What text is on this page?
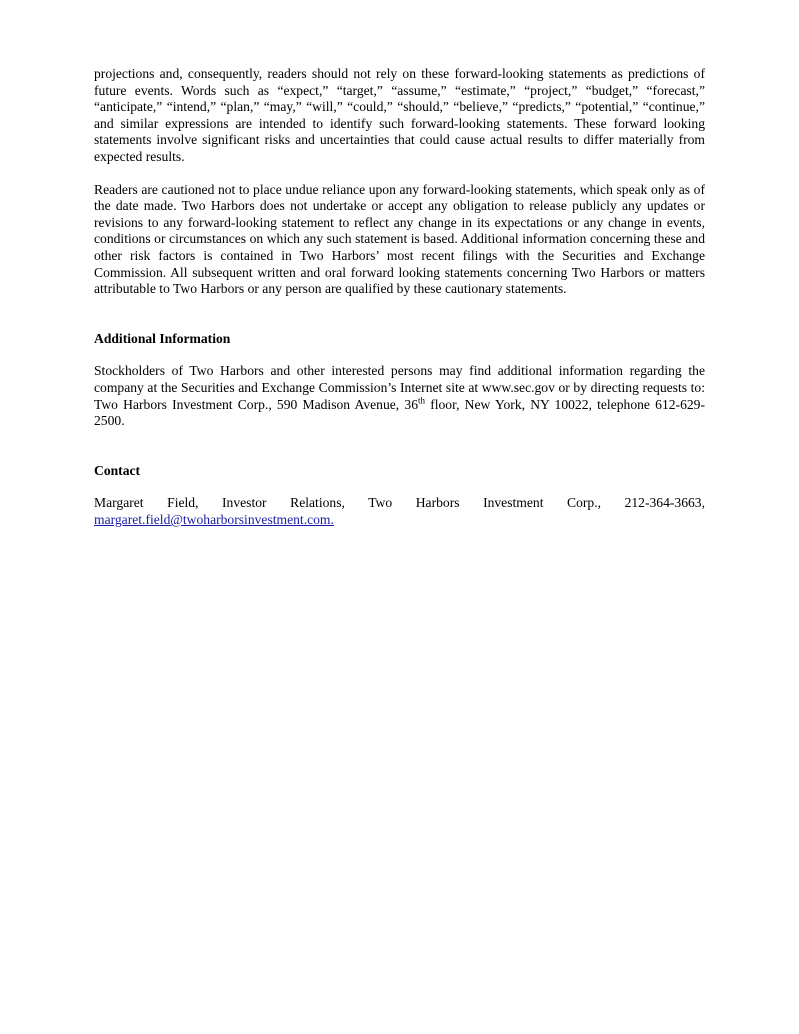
projections and, consequently, readers should not rely on these forward-looking statements as predictions of future events. Words such as “expect,” “target,” “assume,” “estimate,” “project,” “budget,” “forecast,” “anticipate,” “intend,” “plan,” “may,” “will,” “could,” “should,” “believe,” “predicts,” “potential,” “continue,” and similar expressions are intended to identify such forward-looking statements. These forward looking statements involve significant risks and uncertainties that could cause actual results to differ materially from expected results.

Readers are cautioned not to place undue reliance upon any forward-looking statements, which speak only as of the date made. Two Harbors does not undertake or accept any obligation to release publicly any updates or revisions to any forward-looking statement to reflect any change in its expectations or any change in events, conditions or circumstances on which any such statement is based. Additional information concerning these and other risk factors is contained in Two Harbors’ most recent filings with the Securities and Exchange Commission. All subsequent written and oral forward looking statements concerning Two Harbors or matters attributable to Two Harbors or any person are qualified by these cautionary statements.

Additional Information

Stockholders of Two Harbors and other interested persons may find additional information regarding the company at the Securities and Exchange Commission’s Internet site at www.sec.gov or by directing requests to: Two Harbors Investment Corp., 590 Madison Avenue, 36th floor, New York, NY 10022, telephone 612-629-2500.

Contact

Margaret Field, Investor Relations, Two Harbors Investment Corp., 212-364-3663,
margaret.field@twoharborsinvestment.com.
